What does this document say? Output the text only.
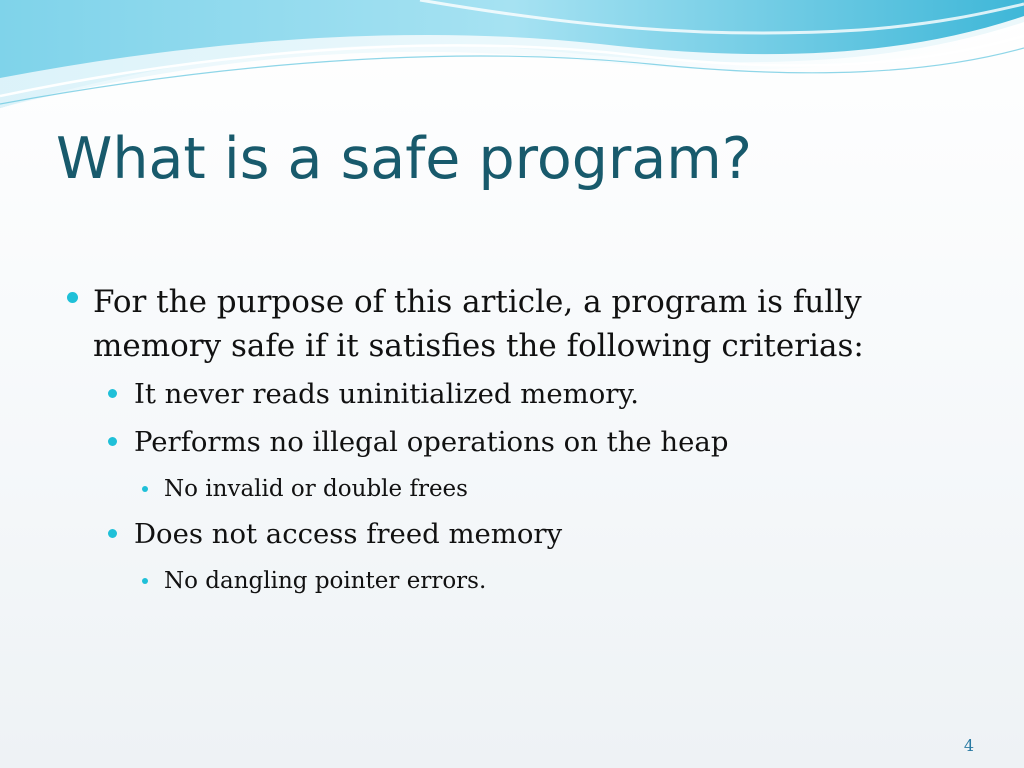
What is a safe program?
For the purpose of this article, a program is fully
memory safe if it satisfies the following criterias:
It never reads uninitialized memory.
Performs no illegal operations on the heap
No invalid or double frees
Does not access freed memory
No dangling pointer errors.
4
